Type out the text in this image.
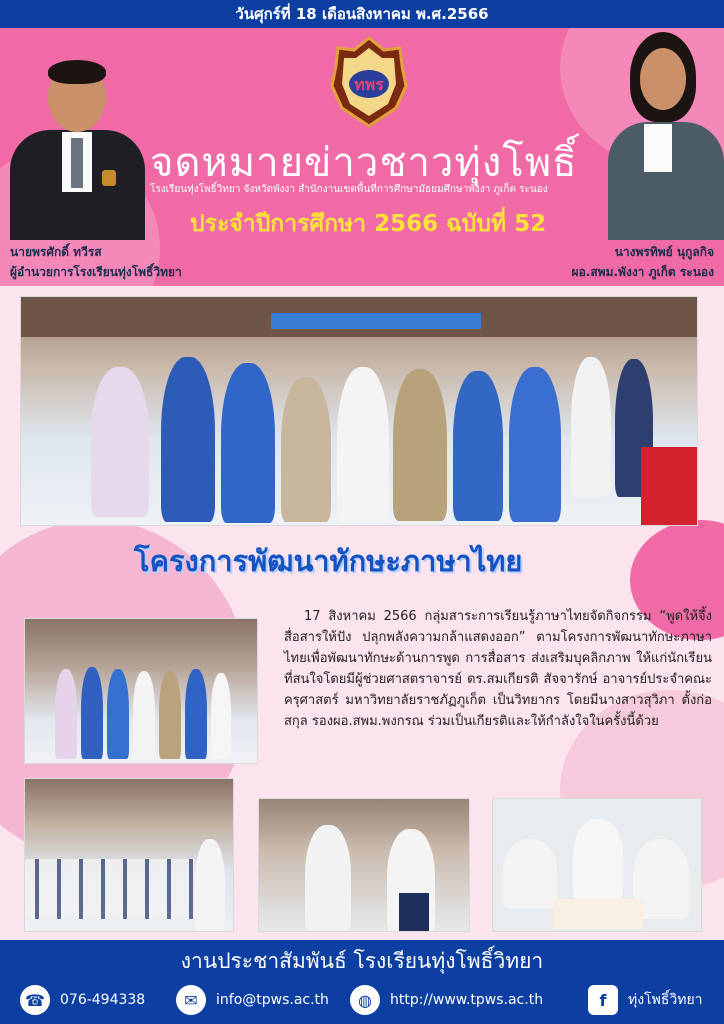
วันศุกร์ที่ 18 เดือนสิงหาคม พ.ศ.2566
ทพร
จดหมายข่าวชาวทุ่งโพธิ์
โรงเรียนทุ่งโพธิ์วิทยา จังหวัดพังงา สำนักงานเขตพื้นที่การศึกษามัธยมศึกษาพังงา ภูเก็ต ระนอง
ประจำปีการศึกษา 2566 ฉบับที่ 52
นายพรศักดิ์ ทวีรส
ผู้อำนวยการโรงเรียนทุ่งโพธิ์วิทยา
นางพรทิพย์ นุกูลกิจ
ผอ.สพม.พังงา ภูเก็ต ระนอง
โครงการพัฒนาทักษะภาษาไทย
17 สิงหาคม 2566 กลุ่มสาระการเรียนรู้ภาษาไทยจัดกิจกรรม “พูดให้จึ้ง สื่อสารให้ปัง ปลุกพลังความกล้าแสดงออก” ตามโครงการพัฒนาทักษะภาษาไทยเพื่อพัฒนาทักษะด้านการพูด การสื่อสาร ส่งเสริมบุคลิกภาพ ให้แก่นักเรียนที่สนใจโดยมีผู้ช่วยศาสตราจารย์ ดร.สมเกียรติ สัจจารักษ์ อาจารย์ประจำคณะครุศาสตร์ มหาวิทยาลัยราชภัฏภูเก็ต เป็นวิทยากร โดยมีนางสาวสุวิภา ตั้งก่อสกุล รองผอ.สพม.พงกรณ ร่วมเป็นเกียรติและให้กำลังใจในครั้งนี้ด้วย
งานประชาสัมพันธ์ โรงเรียนทุ่งโพธิ์วิทยา
☎	076-494338	✉	info@tpws.ac.th	◍	http://www.tpws.ac.th	f	ทุ่งโพธิ์วิทยา
